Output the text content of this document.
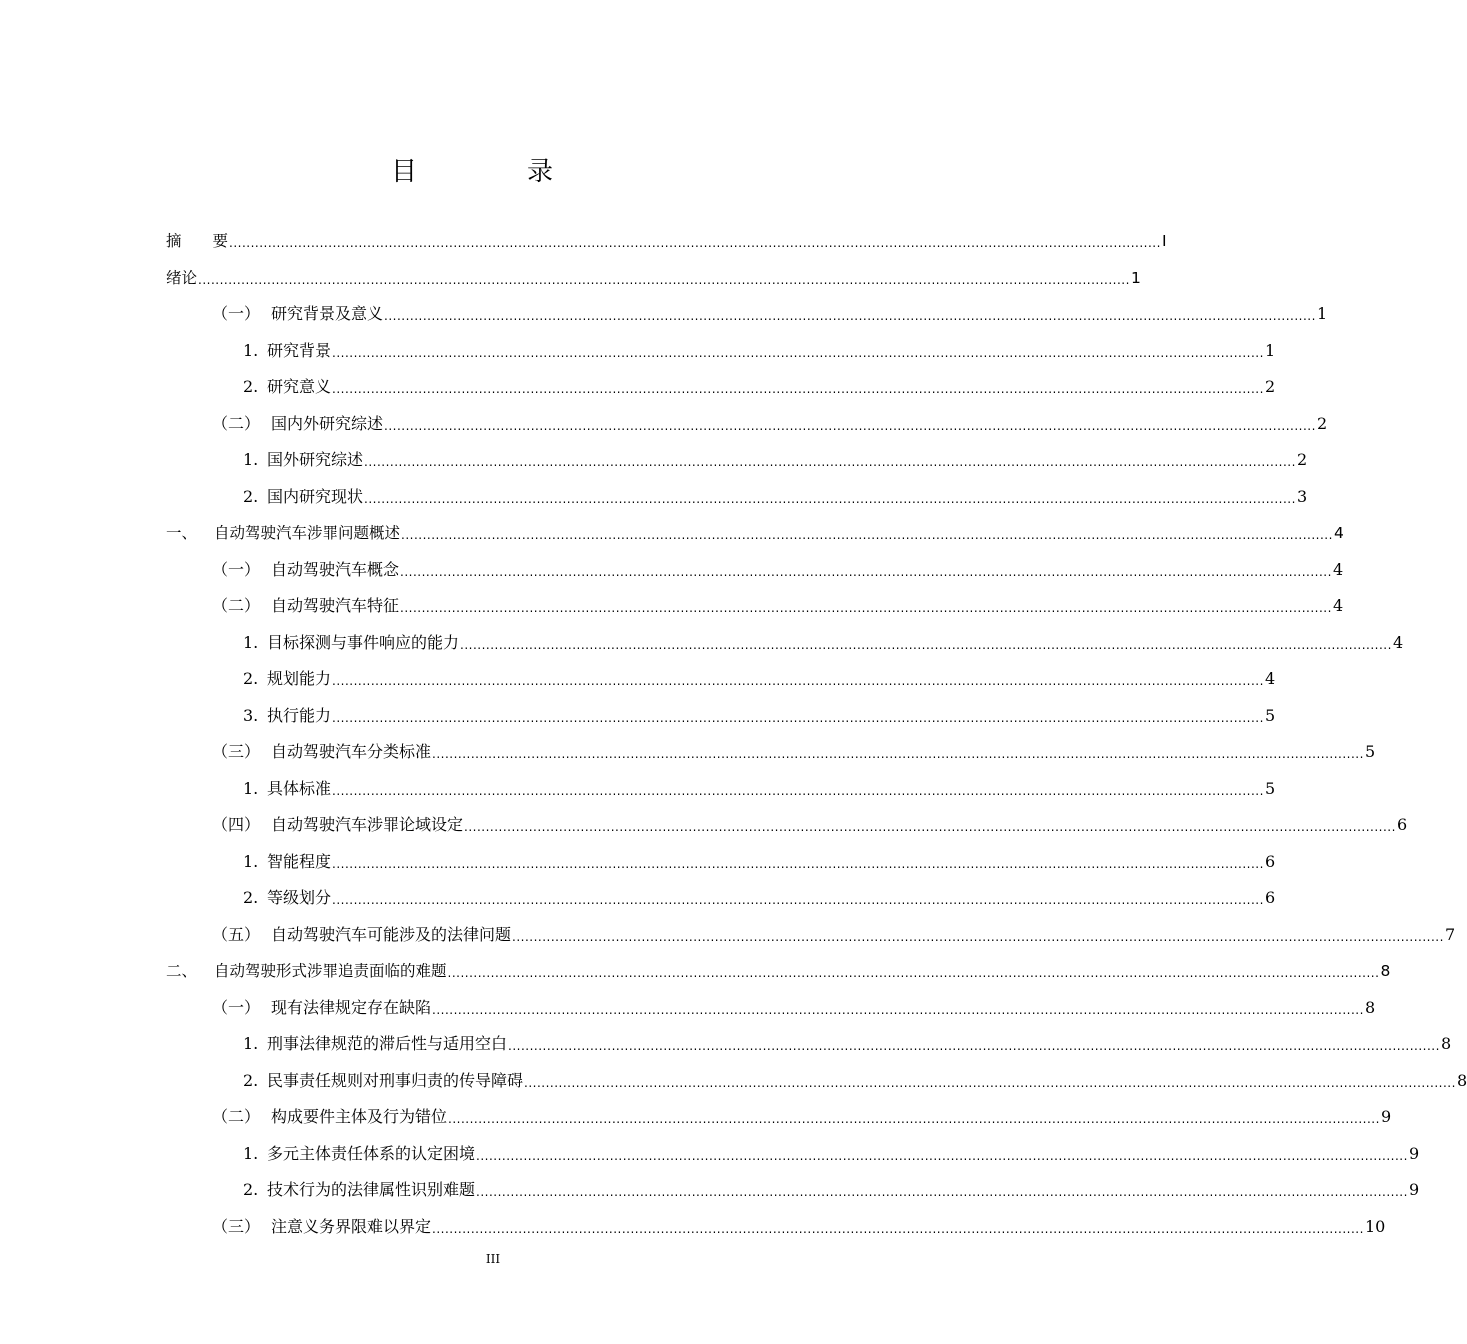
目　录
摘　　要 ........................................................................................................................................................................................................................ I
绪论 ........................................................................................................................................................................................................................ 1
（一） 研究背景及意义 ........................................................................................................................................................................................................................ 1
1. 研究背景 ........................................................................................................................................................................................................................ 1
2. 研究意义 ........................................................................................................................................................................................................................ 2
（二） 国内外研究综述 ........................................................................................................................................................................................................................ 2
1. 国外研究综述 ........................................................................................................................................................................................................................ 2
2. 国内研究现状 ........................................................................................................................................................................................................................ 3
一、	自动驾驶汽车涉罪问题概述 ........................................................................................................................................................................................................................ 4
（一） 自动驾驶汽车概念 ........................................................................................................................................................................................................................ 4
（二） 自动驾驶汽车特征 ........................................................................................................................................................................................................................ 4
1. 目标探测与事件响应的能力 ........................................................................................................................................................................................................................ 4
2. 规划能力 ........................................................................................................................................................................................................................ 4
3. 执行能力 ........................................................................................................................................................................................................................ 5
（三） 自动驾驶汽车分类标准 ........................................................................................................................................................................................................................ 5
1. 具体标准 ........................................................................................................................................................................................................................ 5
（四） 自动驾驶汽车涉罪论域设定 ........................................................................................................................................................................................................................ 6
1. 智能程度 ........................................................................................................................................................................................................................ 6
2. 等级划分 ........................................................................................................................................................................................................................ 6
（五） 自动驾驶汽车可能涉及的法律问题 ........................................................................................................................................................................................................................ 7
二、	自动驾驶形式涉罪追责面临的难题 ........................................................................................................................................................................................................................ 8
（一） 现有法律规定存在缺陷 ........................................................................................................................................................................................................................ 8
1. 刑事法律规范的滞后性与适用空白 ........................................................................................................................................................................................................................ 8
2. 民事责任规则对刑事归责的传导障碍 ........................................................................................................................................................................................................................ 8
（二） 构成要件主体及行为错位 ........................................................................................................................................................................................................................ 9
1. 多元主体责任体系的认定困境 ........................................................................................................................................................................................................................ 9
2. 技术行为的法律属性识别难题 ........................................................................................................................................................................................................................ 9
（三） 注意义务界限难以界定 ........................................................................................................................................................................................................................ 10
III
